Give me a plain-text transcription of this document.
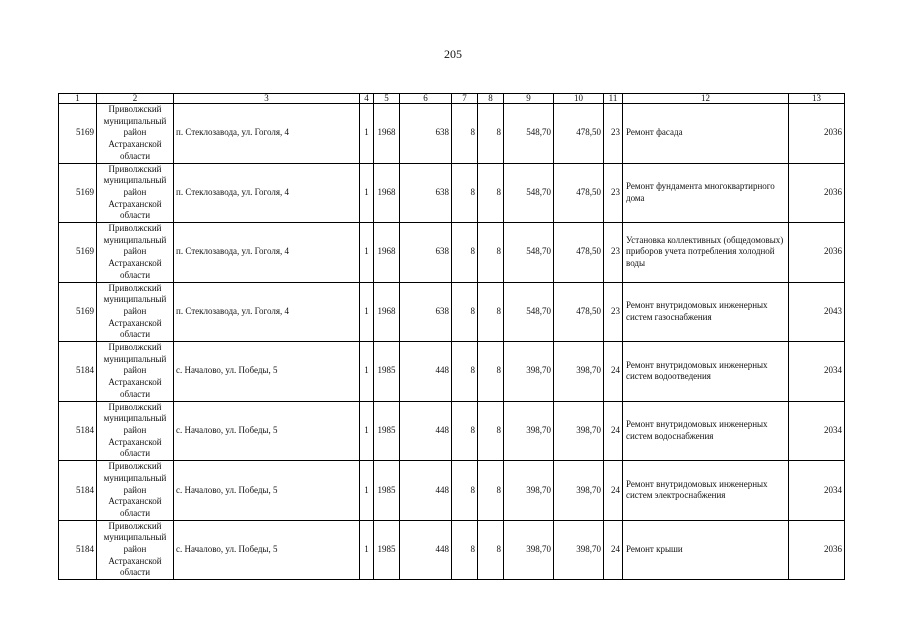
205
1	2	3	4	5	6	7	8	9	10	11	12	13
5169	Приволжский муниципальный район Астраханской области	п. Стеклозавода, ул. Гоголя, 4	1	1968	638	8	8	548,70	478,50	23	Ремонт фасада	2036
5169	Приволжский муниципальный район Астраханской области	п. Стеклозавода, ул. Гоголя, 4	1	1968	638	8	8	548,70	478,50	23	Ремонт фундамента многоквартирного дома	2036
5169	Приволжский муниципальный район Астраханской области	п. Стеклозавода, ул. Гоголя, 4	1	1968	638	8	8	548,70	478,50	23	Установка коллективных (общедомовых) приборов учета потребления холодной воды	2036
5169	Приволжский муниципальный район Астраханской области	п. Стеклозавода, ул. Гоголя, 4	1	1968	638	8	8	548,70	478,50	23	Ремонт внутридомовых инженерных систем газоснабжения	2043
5184	Приволжский муниципальный район Астраханской области	с. Началово, ул. Победы, 5	1	1985	448	8	8	398,70	398,70	24	Ремонт внутридомовых инженерных систем водоотведения	2034
5184	Приволжский муниципальный район Астраханской области	с. Началово, ул. Победы, 5	1	1985	448	8	8	398,70	398,70	24	Ремонт внутридомовых инженерных систем водоснабжения	2034
5184	Приволжский муниципальный район Астраханской области	с. Началово, ул. Победы, 5	1	1985	448	8	8	398,70	398,70	24	Ремонт внутридомовых инженерных систем электроснабжения	2034
5184	Приволжский муниципальный район Астраханской области	с. Началово, ул. Победы, 5	1	1985	448	8	8	398,70	398,70	24	Ремонт крыши	2036
